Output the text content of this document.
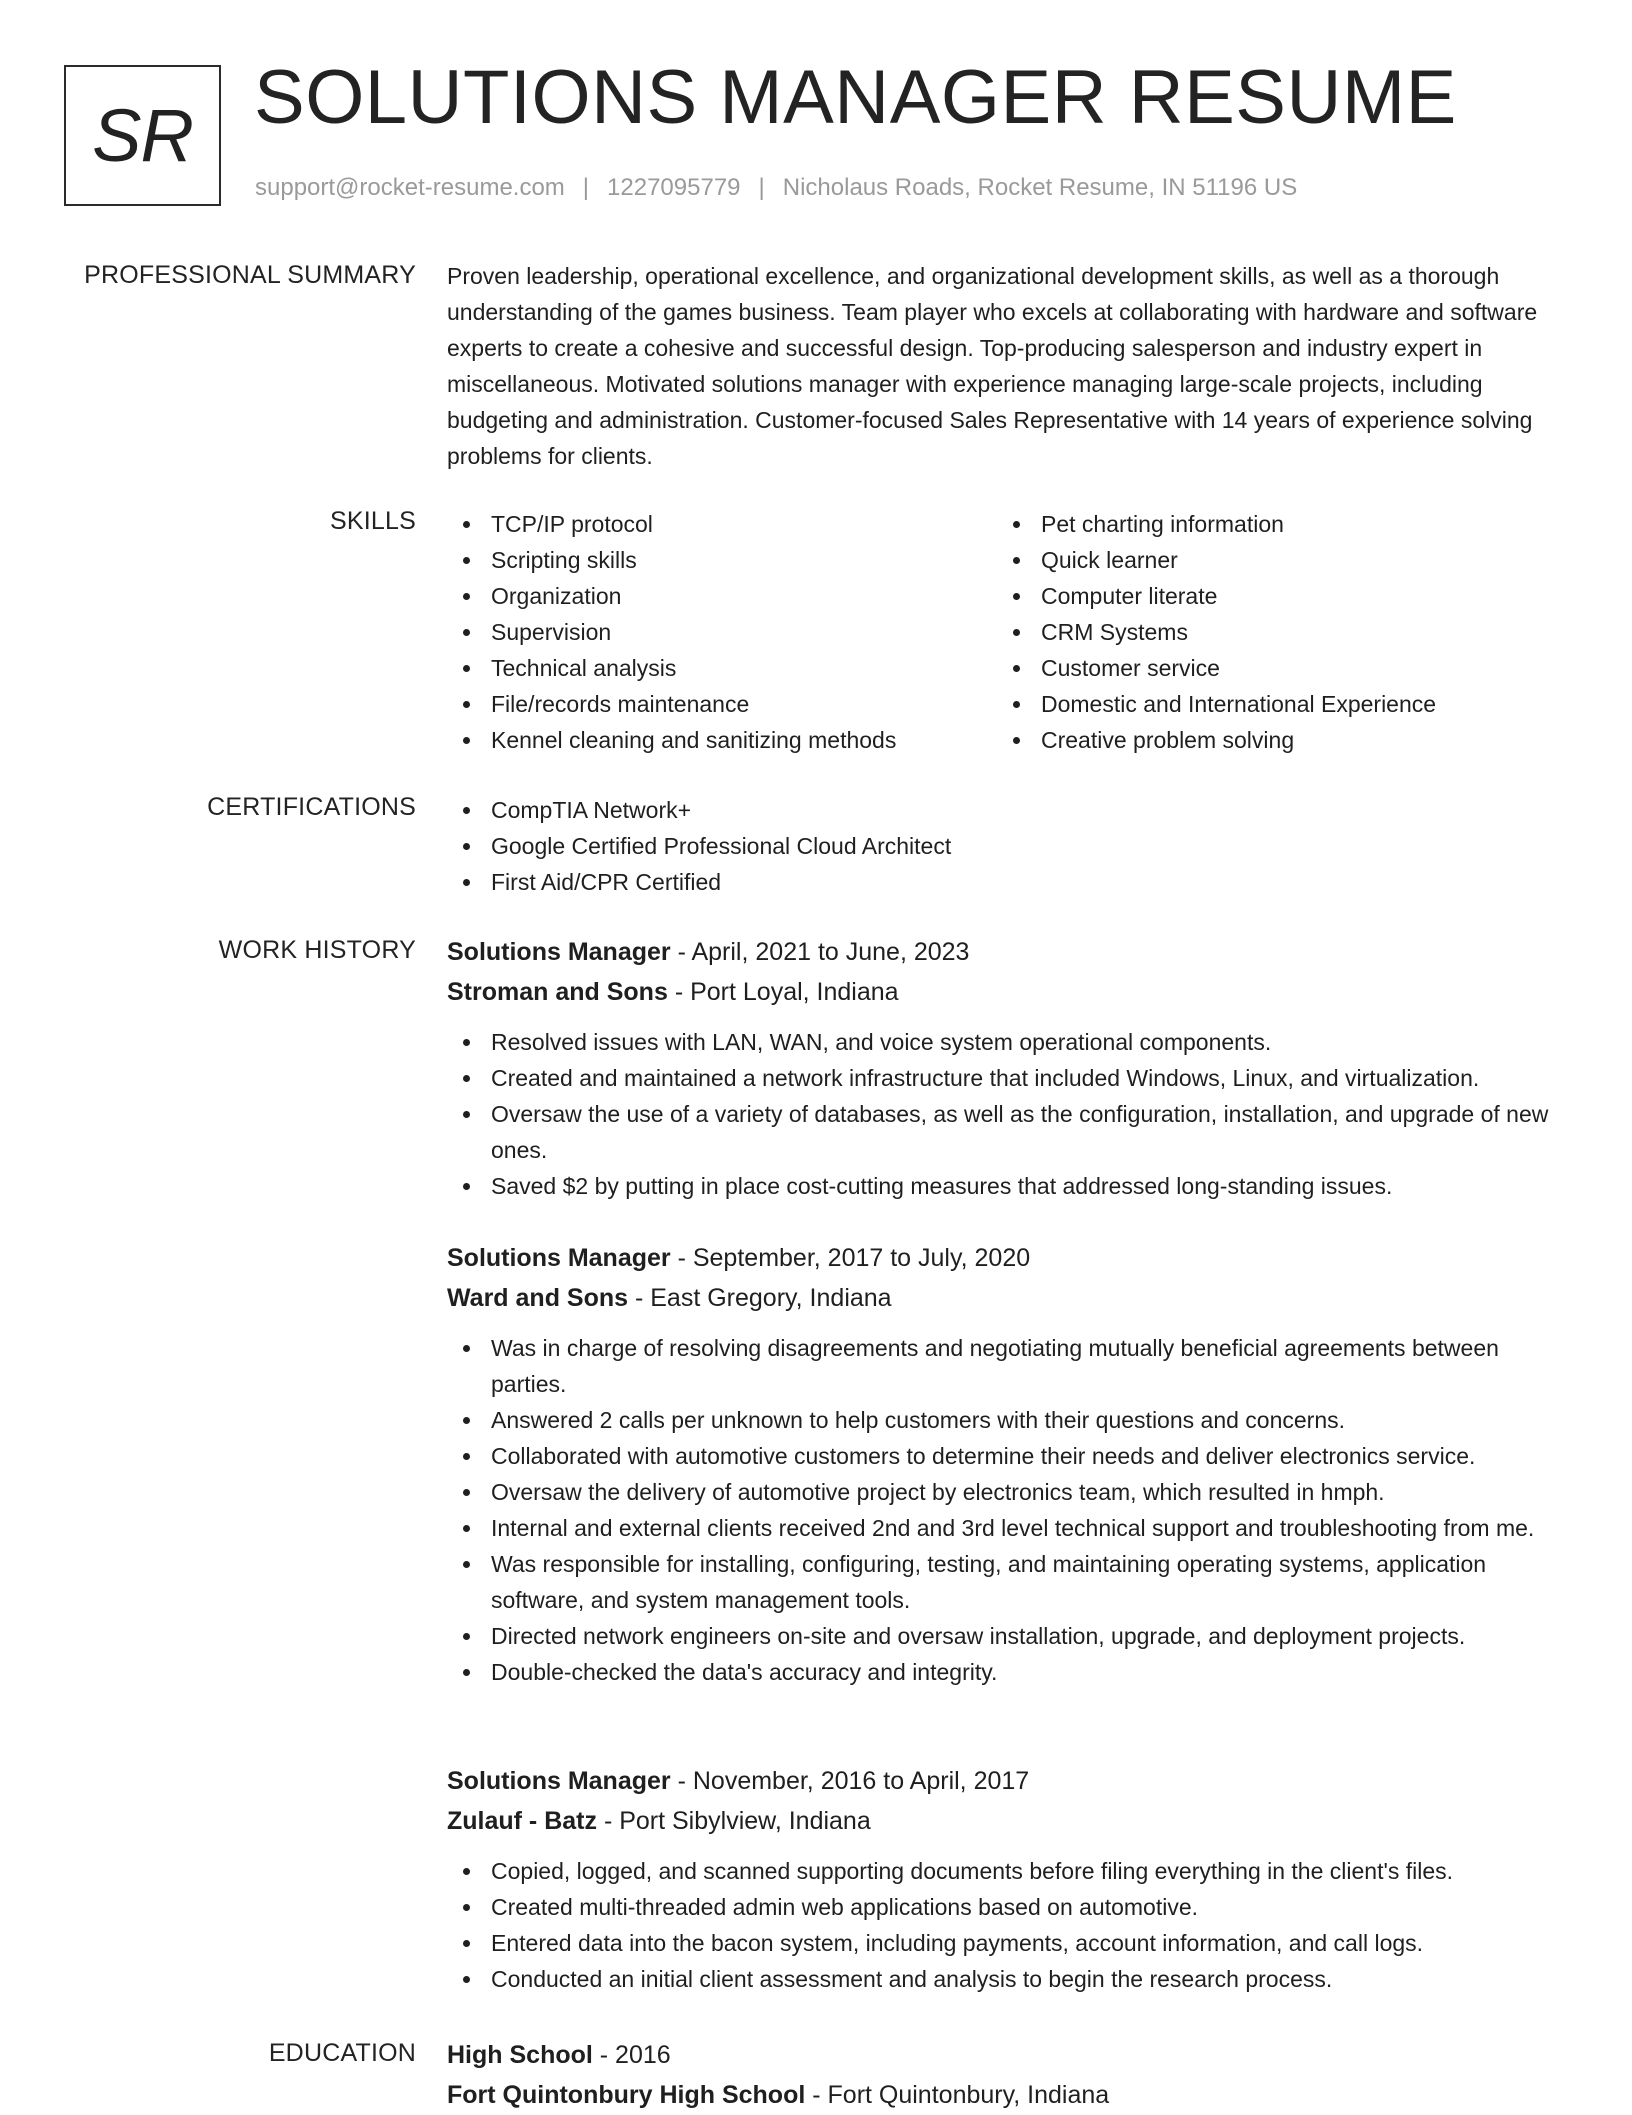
SR SOLUTIONS MANAGER RESUME
support@rocket-resume.com | 1227095779 | Nicholaus Roads, Rocket Resume, IN 51196 US
PROFESSIONAL SUMMARY Proven leadership, operational excellence, and organizational development skills, as well as a thorough understanding of the games business. Team player who excels at collaborating with hardware and software experts to create a cohesive and successful design. Top-producing salesperson and industry expert in miscellaneous. Motivated solutions manager with experience managing large-scale projects, including budgeting and administration. Customer-focused Sales Representative with 14 years of experience solving problems for clients.

SKILLS	TCP/IP protocol
Scripting skills
Organization
Supervision
Technical analysis
File/records maintenance
Kennel cleaning and sanitizing methods
Pet charting information
Quick learner
Computer literate
CRM Systems
Customer service
Domestic and International Experience
Creative problem solving
CERTIFICATIONS	CompTIA Network+
Google Certified Professional Cloud Architect
First Aid/CPR Certified
WORK HISTORY Solutions Manager - April, 2021 to June, 2023
Stroman and Sons - Port Loyal, Indiana
Resolved issues with LAN, WAN, and voice system operational components.
Created and maintained a network infrastructure that included Windows, Linux, and virtualization.
Oversaw the use of a variety of databases, as well as the configuration, installation, and upgrade of new ones.
Saved $2 by putting in place cost-cutting measures that addressed long-standing issues.
Solutions Manager - September, 2017 to July, 2020
Ward and Sons - East Gregory, Indiana
Was in charge of resolving disagreements and negotiating mutually beneficial agreements between parties.
Answered 2 calls per unknown to help customers with their questions and concerns.
Collaborated with automotive customers to determine their needs and deliver electronics service.
Oversaw the delivery of automotive project by electronics team, which resulted in hmph.
Internal and external clients received 2nd and 3rd level technical support and troubleshooting from me.
Was responsible for installing, configuring, testing, and maintaining operating systems, application software, and system management tools.
Directed network engineers on-site and oversaw installation, upgrade, and deployment projects.
Double-checked the data's accuracy and integrity.
Solutions Manager - November, 2016 to April, 2017
Zulauf - Batz - Port Sibylview, Indiana
Copied, logged, and scanned supporting documents before filing everything in the client's files.
Created multi-threaded admin web applications based on automotive.
Entered data into the bacon system, including payments, account information, and call logs.
Conducted an initial client assessment and analysis to begin the research process.
EDUCATION High School - 2016
Fort Quintonbury High School - Fort Quintonbury, Indiana
